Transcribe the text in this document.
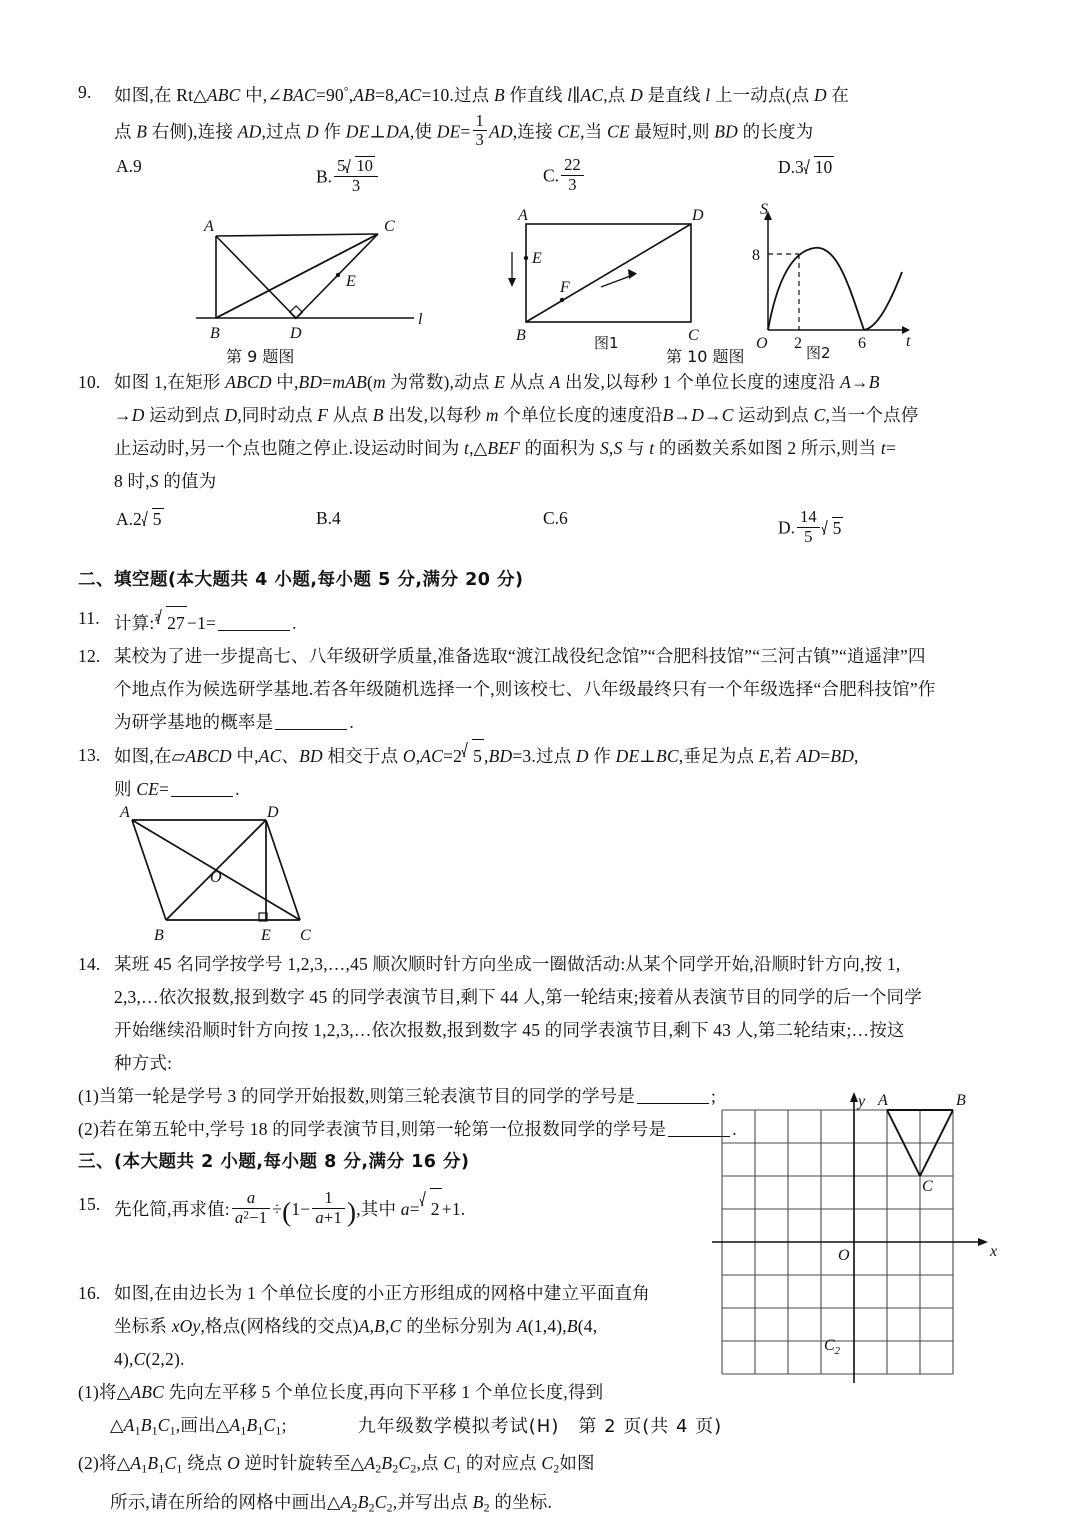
9.	如图,在 Rt△ABC 中,∠BAC=90°,AB=8,AC=10.过点 B 作直线 l∥AC,点 D 是直线 l 上一动点(点 D 在
点 B 右侧),连接 AD,过点 D 作 DE⊥DA,使 $DE= \frac{1}{3}$ AD,连接 CE,当 CE 最短时,则 BD 的长度为
A.9
B. $\frac{5 10}{3}$	C. $\frac{22}{3}$	D.3 10
A	C
B	D
E
l
第 9 题图
A	D
B	C
E
F
图1
S
t
8
O 2	6
图2
第 10 题图
10. 如图 1,在矩形 ABCD 中,BD=mAB(m 为常数),动点 E 从点 A 出发,以每秒 1 个单位长度的速度沿 A→B
→D 运动到点 D,同时动点 F 从点 B 出发,以每秒 m 个单位长度的速度沿B→D→C 运动到点 C,当一个点停
止运动时,另一个点也随之停止.设运动时间为 t,△BEF 的面积为 S,S 与 t 的函数关系如图 2 所示,则当 t=
8 时,S 的值为
A.2 5	B.4	C.6	D. $\frac{14}{5} 5$
二、填空题(本大题共 4 小题,每小题 5 分,满分 20 分)
11. 计算:$^3$ 27 −1=	.
12. 某校为了进一步提高七、八年级研学质量,准备选取“渡江战役纪念馆”“合肥科技馆”“三河古镇”“逍遥津”四
个地点作为候选研学基地.若各年级随机选择一个,则该校七、八年级最终只有一个年级选择“合肥科技馆”作
为研学基地的概率是	.
13. 如图,在▱ABCD 中,AC、BD 相交于点 O,AC=2 5 ,BD=3.过点 D 作 DE⊥BC,垂足为点 E,若 AD=BD,
则 CE=	.
A	D
B	E C
O
14. 某班 45 名同学按学号 1,2,3,…,45 顺次顺时针方向坐成一圈做活动:从某个同学开始,沿顺时针方向,按 1,
2,3,…依次报数,报到数字 45 的同学表演节目,剩下 44 人,第一轮结束;接着从表演节目的同学的后一个同学
开始继续沿顺时针方向按 1,2,3,…依次报数,报到数字 45 的同学表演节目,剩下 43 人,第二轮结束;…按这
种方式:
(1)当第一轮是学号 3 的同学开始报数,则第三轮表演节目的同学的学号是	;
(2)若在第五轮中,学号 18 的同学表演节目,则第一轮第一位报数同学的学号是	.
三、(本大题共 2 小题,每小题 8 分,满分 16 分)
15. 先化简,再求值: $\frac{a}{a^2-1} \div(1- \frac{1}{a+1}$ ),其中 a= 2 +1.
16. 如图,在由边长为 1 个单位长度的小正方形组成的网格中建立平面直角
坐标系 xOy,格点(网格线的交点)A,B,C 的坐标分别为 A(1,4),B(4,
4),C(2,2).
(1)将△ABC 先向左平移 5 个单位长度,再向下平移 1 个单位长度,得到
$\triangle A_1B_1C_1$,画出$\triangle A_1B_1C_1$;
(2)将$\triangle A_1B_1C_1$ 绕点 O 逆时针旋转至$\triangle A_2B_2C_2$,点 $C_1$ 的对应点 $C_2$如图
所示,请在所给的网格中画出$\triangle A_2B_2C_2$,并写出点 $B_2$ 的坐标.
y
x
O
A	B
C
$C_2$
九年级数学模拟考试(H)　第 2 页(共 4 页)
